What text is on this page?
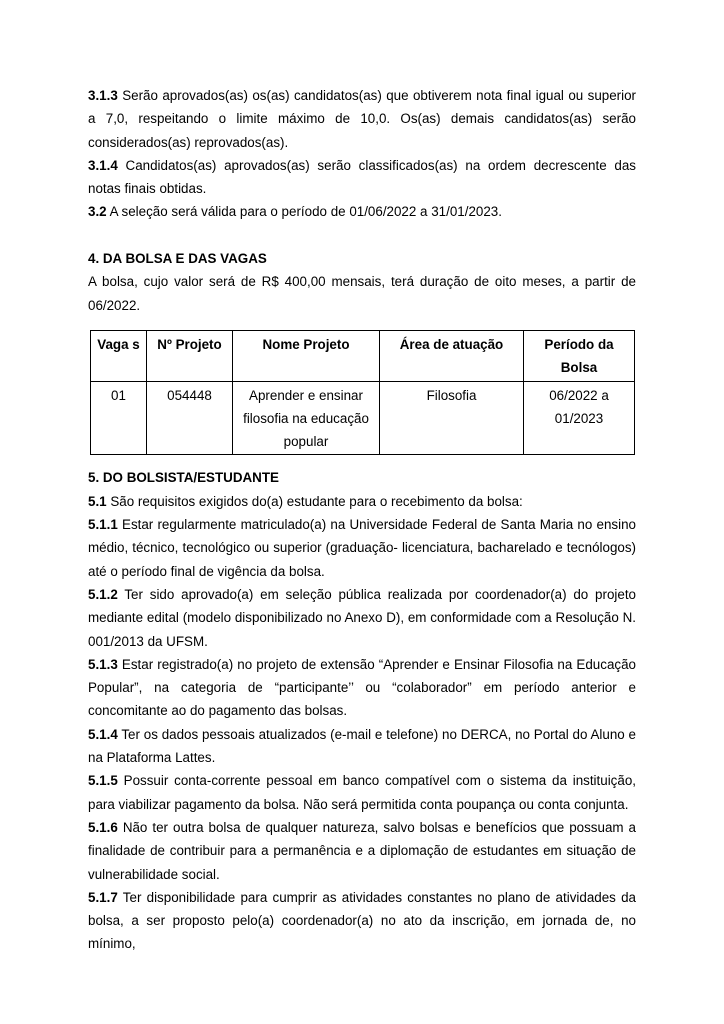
3.1.3 Serão aprovados(as) os(as) candidatos(as) que obtiverem nota final igual ou superior a 7,0, respeitando o limite máximo de 10,0. Os(as) demais candidatos(as) serão considerados(as) reprovados(as).

3.1.4 Candidatos(as) aprovados(as) serão classificados(as) na ordem decrescente das notas finais obtidas.

3.2 A seleção será válida para o período de 01/06/2022 a 31/01/2023.

4. DA BOLSA E DAS VAGAS

A bolsa, cujo valor será de R$ 400,00 mensais, terá duração de oito meses, a partir de 06/2022.

Vaga s	Nº Projeto	Nome Projeto	Área de atuação	Período da Bolsa
01	054448	Aprender e ensinar filosofia na educação popular	Filosofia	06/2022 a 01/2023

5. DO BOLSISTA/ESTUDANTE

5.1 São requisitos exigidos do(a) estudante para o recebimento da bolsa:

5.1.1 Estar regularmente matriculado(a) na Universidade Federal de Santa Maria no ensino médio, técnico, tecnológico ou superior (graduação- licenciatura, bacharelado e tecnólogos) até o período final de vigência da bolsa.

5.1.2 Ter sido aprovado(a) em seleção pública realizada por coordenador(a) do projeto mediante edital (modelo disponibilizado no Anexo D), em conformidade com a Resolução N. 001/2013 da UFSM.

5.1.3 Estar registrado(a) no projeto de extensão “Aprender e Ensinar Filosofia na Educação Popular”, na categoria de “participante’’ ou “colaborador” em período anterior e concomitante ao do pagamento das bolsas.

5.1.4 Ter os dados pessoais atualizados (e-mail e telefone) no DERCA, no Portal do Aluno e na Plataforma Lattes.

5.1.5 Possuir conta-corrente pessoal em banco compatível com o sistema da instituição, para viabilizar pagamento da bolsa. Não será permitida conta poupança ou conta conjunta.

5.1.6 Não ter outra bolsa de qualquer natureza, salvo bolsas e benefícios que possuam a finalidade de contribuir para a permanência e a diplomação de estudantes em situação de vulnerabilidade social.

5.1.7 Ter disponibilidade para cumprir as atividades constantes no plano de atividades da bolsa, a ser proposto pelo(a) coordenador(a) no ato da inscrição, em jornada de, no mínimo,
